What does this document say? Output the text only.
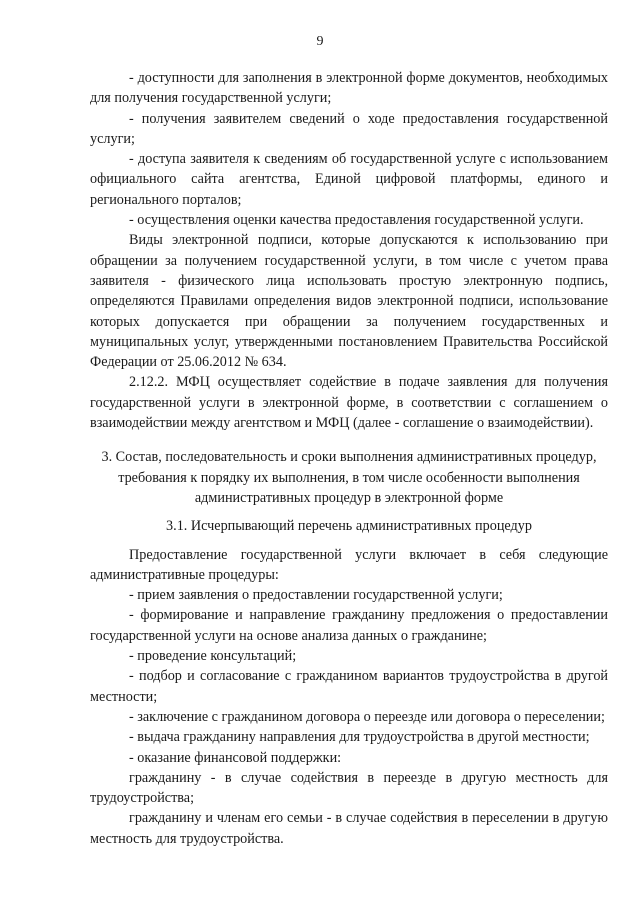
9

- доступности для заполнения в электронной форме документов, необходимых для получения государственной услуги;

- получения заявителем сведений о ходе предоставления государственной услуги;

- доступа заявителя к сведениям об государственной услуге с использованием официального сайта агентства, Единой цифровой платформы, единого и регионального порталов;

- осуществления оценки качества предоставления государственной услуги.

Виды электронной подписи, которые допускаются к использованию при обращении за получением государственной услуги, в том числе с учетом права заявителя - физического лица использовать простую электронную подпись, определяются Правилами определения видов электронной подписи, использование которых допускается при обращении за получением государственных и муниципальных услуг, утвержденными постановлением Правительства Российской Федерации от 25.06.2012 № 634.

2.12.2. МФЦ осуществляет содействие в подаче заявления для получения государственной услуги в электронной форме, в соответствии с соглашением о взаимодействии между агентством и МФЦ (далее - соглашение о взаимодействии).

3. Состав, последовательность и сроки выполнения административных процедур, требования к порядку их выполнения, в том числе особенности выполнения административных процедур в электронной форме

3.1. Исчерпывающий перечень административных процедур

Предоставление государственной услуги включает в себя следующие административные процедуры:

- прием заявления о предоставлении государственной услуги;

- формирование и направление гражданину предложения о предоставлении государственной услуги на основе анализа данных о гражданине;

- проведение консультаций;

- подбор и согласование с гражданином вариантов трудоустройства в другой местности;

- заключение с гражданином договора о переезде или договора о переселении;

- выдача гражданину направления для трудоустройства в другой местности;

- оказание финансовой поддержки:

гражданину - в случае содействия в переезде в другую местность для трудоустройства;

гражданину и членам его семьи - в случае содействия в переселении в другую местность для трудоустройства.
